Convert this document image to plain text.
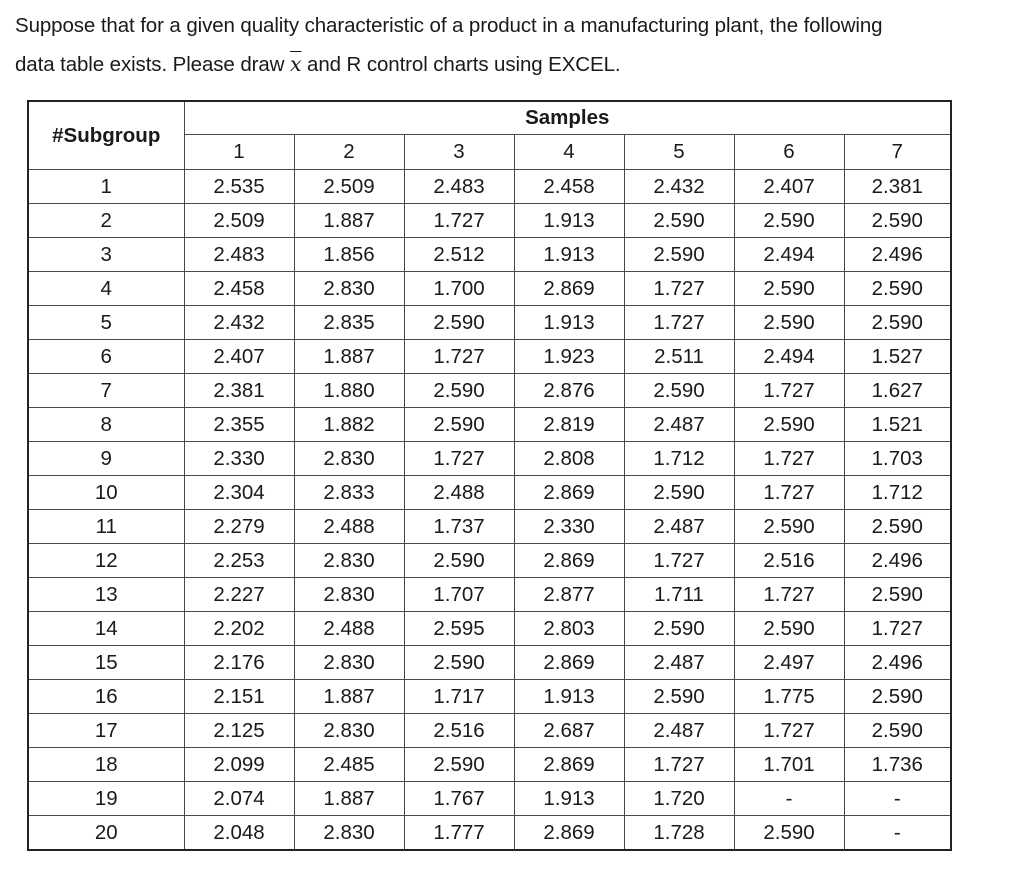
Suppose that for a given quality characteristic of a product in a manufacturing plant, the following
data table exists. Please draw $\overline{x}$ and R control charts using EXCEL.
#Subgroup	Samples						
	1	2	3	4	5	6	7
1	2.535	2.509	2.483	2.458	2.432	2.407	2.381
2	2.509	1.887	1.727	1.913	2.590	2.590	2.590
3	2.483	1.856	2.512	1.913	2.590	2.494	2.496
4	2.458	2.830	1.700	2.869	1.727	2.590	2.590
5	2.432	2.835	2.590	1.913	1.727	2.590	2.590
6	2.407	1.887	1.727	1.923	2.511	2.494	1.527
7	2.381	1.880	2.590	2.876	2.590	1.727	1.627
8	2.355	1.882	2.590	2.819	2.487	2.590	1.521
9	2.330	2.830	1.727	2.808	1.712	1.727	1.703
10	2.304	2.833	2.488	2.869	2.590	1.727	1.712
11	2.279	2.488	1.737	2.330	2.487	2.590	2.590
12	2.253	2.830	2.590	2.869	1.727	2.516	2.496
13	2.227	2.830	1.707	2.877	1.711	1.727	2.590
14	2.202	2.488	2.595	2.803	2.590	2.590	1.727
15	2.176	2.830	2.590	2.869	2.487	2.497	2.496
16	2.151	1.887	1.717	1.913	2.590	1.775	2.590
17	2.125	2.830	2.516	2.687	2.487	1.727	2.590
18	2.099	2.485	2.590	2.869	1.727	1.701	1.736
19	2.074	1.887	1.767	1.913	1.720	-	-
20	2.048	2.830	1.777	2.869	1.728	2.590	-
